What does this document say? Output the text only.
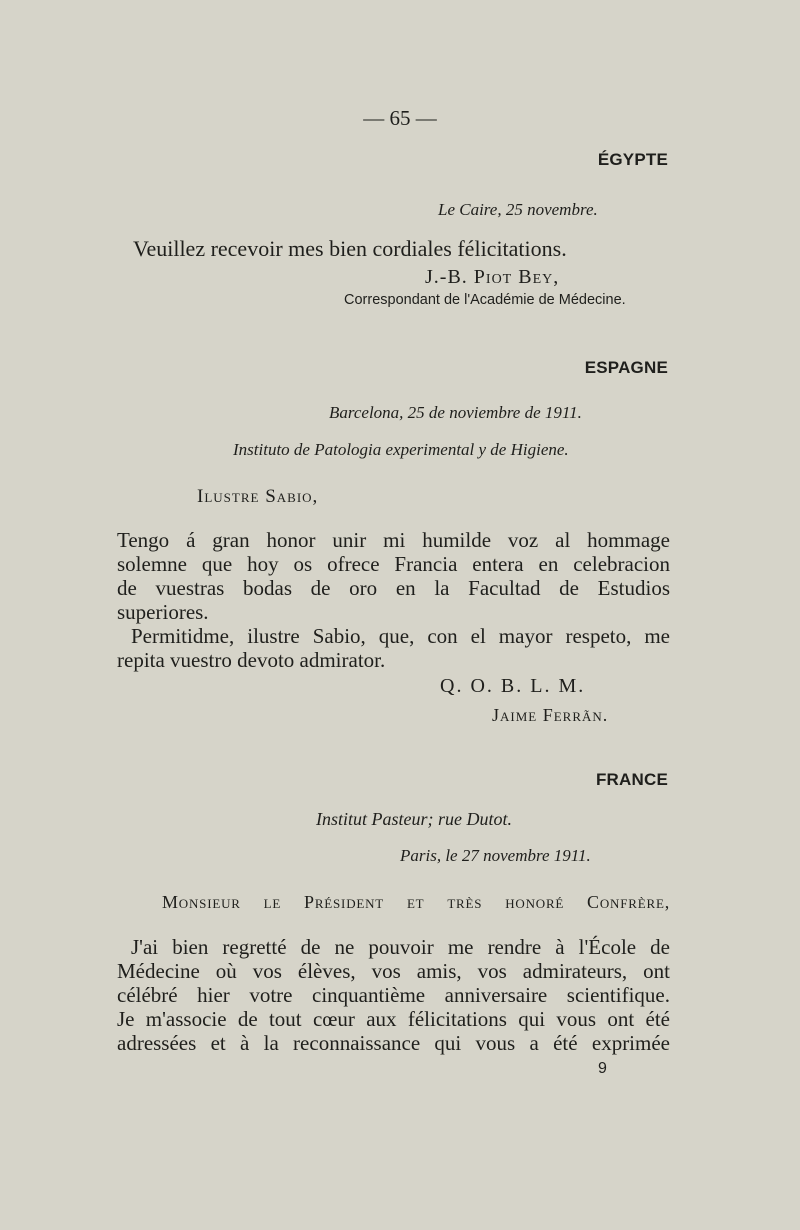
— 65 —
ÉGYPTE
Le Caire, 25 novembre.
Veuillez recevoir mes bien cordiales félicitations.
J.-B. Piot Bey,
Correspondant de l'Académie de Médecine.
ESPAGNE
Barcelona, 25 de noviembre de 1911.
Instituto de Patologia experimental y de Higiene.
Ilustre Sabio,
Tengo á gran honor unir mi humilde voz al hommage
solemne que hoy os ofrece Francia entera en celebracion
de vuestras bodas de oro en la Facultad de Estudios
superiores.
Permitidme, ilustre Sabio, que, con el mayor respeto, me
repita vuestro devoto admirator.
Q. O. B. L. M.
Jaime Ferrãn.
FRANCE
Institut Pasteur; rue Dutot.
Paris, le 27 novembre 1911.
Monsieur le Président et très honoré Confrère,
J'ai bien regretté de ne pouvoir me rendre à l'École de
Médecine où vos élèves, vos amis, vos admirateurs, ont
célébré hier votre cinquantième anniversaire scientifique.
Je m'associe de tout cœur aux félicitations qui vous ont été
adressées et à la reconnaissance qui vous a été exprimée
9
